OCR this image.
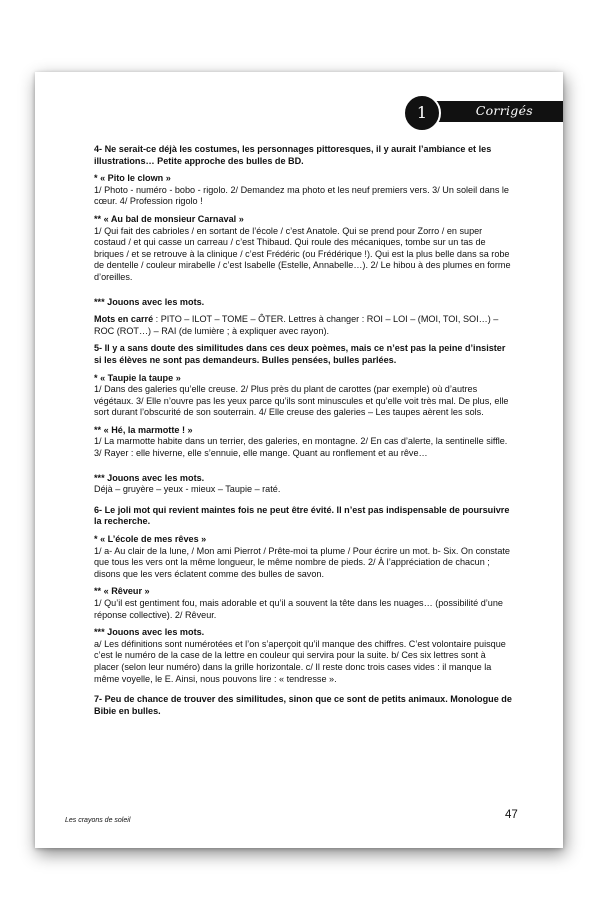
Corrigés
1

4- Ne serait-ce déjà les costumes, les personnages pittoresques, il y aurait l’ambiance et les illustrations… Petite approche des bulles de BD.

* « Pito le clown »

1/ Photo - numéro - bobo - rigolo. 2/ Demandez ma photo et les neuf premiers vers. 3/ Un soleil dans le cœur. 4/ Profession rigolo !

** « Au bal de monsieur Carnaval »

1/ Qui fait des cabrioles / en sortant de l’école / c’est Anatole. Qui se prend pour Zorro / en super costaud / et qui casse un carreau / c’est Thibaud. Qui roule des mécaniques, tombe sur un tas de briques / et se retrouve à la clinique / c’est Frédéric (ou Frédérique !). Qui est la plus belle dans sa robe de dentelle / couleur mirabelle / c’est Isabelle (Estelle, Annabelle…). 2/ Le hibou à des plumes en forme d’oreilles.

*** Jouons avec les mots.

Mots en carré : PITO – ILOT – TOME – ÔTER. Lettres à changer : ROI – LOI – (MOI, TOI, SOI…) – ROC (ROT…) – RAI (de lumière ; à expliquer avec rayon).

5- Il y a sans doute des similitudes dans ces deux poèmes, mais ce n’est pas la peine d’insister si les élèves ne sont pas demandeurs. Bulles pensées, bulles parlées.

* « Taupie la taupe »

1/ Dans des galeries qu’elle creuse. 2/ Plus près du plant de carottes (par exemple) où d’autres végétaux. 3/ Elle n’ouvre pas les yeux parce qu’ils sont minuscules et qu’elle voit très mal. De plus, elle sort durant l’obscurité de son souterrain. 4/ Elle creuse des galeries – Les taupes aèrent les sols.

** « Hé, la marmotte ! »

1/ La marmotte habite dans un terrier, des galeries, en montagne. 2/ En cas d’alerte, la sentinelle siffle. 3/ Rayer : elle hiverne, elle s’ennuie, elle mange. Quant au ronflement et au rêve…

*** Jouons avec les mots.

Déjà – gruyère – yeux - mieux – Taupie – raté.

6- Le joli mot qui revient maintes fois ne peut être évité. Il n’est pas indispensable de poursuivre la recherche.

* « L’école de mes rêves »

1/ a- Au clair de la lune, / Mon ami Pierrot / Prête-moi ta plume / Pour écrire un mot. b- Six. On constate que tous les vers ont la même longueur, le même nombre de pieds. 2/ À l’appréciation de chacun ; disons que les vers éclatent comme des bulles de savon.

** « Rêveur »

1/ Qu’il est gentiment fou, mais adorable et qu’il a souvent la tête dans les nuages… (possibilité d’une réponse collective). 2/ Rêveur.

*** Jouons avec les mots.

a/ Les définitions sont numérotées et l’on s’aperçoit qu’il manque des chiffres. C’est volontaire puisque c’est le numéro de la case de la lettre en couleur qui servira pour la suite. b/ Ces six lettres sont à placer (selon leur numéro) dans la grille horizontale. c/ Il reste donc trois cases vides : il manque la même voyelle, le E. Ainsi, nous pouvons lire : « tendresse ».

7- Peu de chance de trouver des similitudes, sinon que ce sont de petits animaux. Monologue de Bibie en bulles.

Les crayons de soleil	47
